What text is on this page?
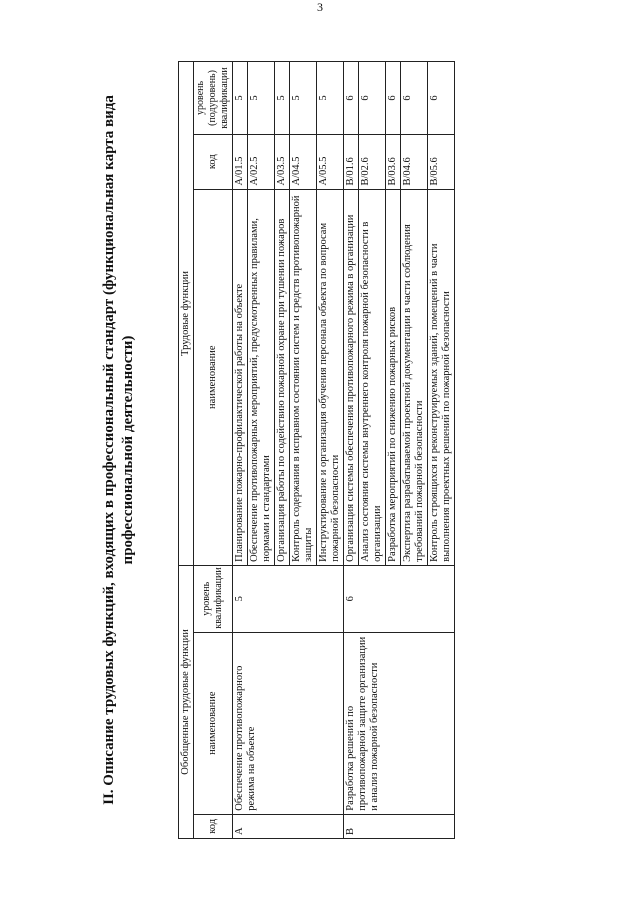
3
II. Описание трудовых функций, входящих в профессиональный стандарт (функциональная карта вида профессиональной деятельности)
Обобщенные трудовые функции			Трудовые функции		
код	наименование	уровень квалификации	наименование	код	уровень (подуровень) квалификации
А	Обеспечение противопожарного режима на объекте	5	Планирование пожарно-профилактической работы на объекте	А/01.5	5
			Обеспечение противопожарных мероприятий, предусмотренных правилами, нормами и стандартами	А/02.5	5
			Организация работы по содействию пожарной охране при тушении пожаров	А/03.5	5
			Контроль содержания в исправном состоянии систем и средств противопожарной защиты	А/04.5	5
			Инструктирование и организация обучения персонала объекта по вопросам пожарной безопасности	А/05.5	5
В	Разработка решений по противопожарной защите организации и анализ пожарной безопасности	6	Организация системы обеспечения противопожарного режима в организации	В/01.6	6
			Анализ состояния системы внутреннего контроля пожарной безопасности в организации	В/02.6	6
			Разработка мероприятий по снижению пожарных рисков	В/03.6	6
			Экспертиза разрабатываемой проектной документации в части соблюдения требований пожарной безопасности	В/04.6	6
			Контроль строящихся и реконструируемых зданий, помещений в части выполнения проектных решений по пожарной безопасности	В/05.6	6
